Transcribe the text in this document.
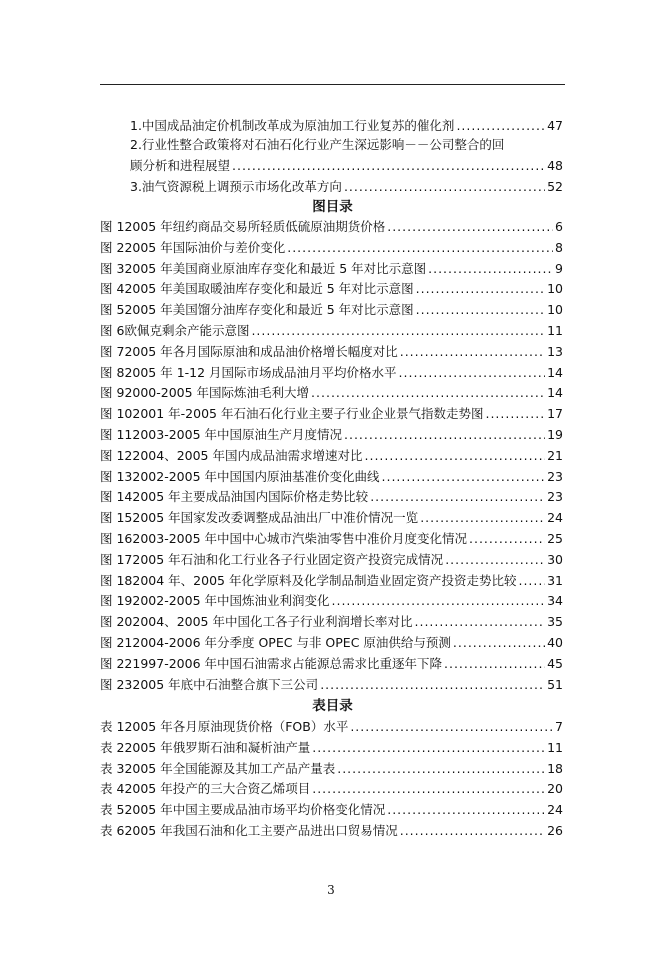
1.中国成品油定价机制改革成为原油加工行业复苏的催化剂 .....	47
2.行业性整合政策将对石油石化行业产生深远影响－－公司整合的回
顾分析和进程展望 .....	48
3.油气资源税上调预示市场化改革方向 .....	52
图目录
图 1 2005 年纽约商品交易所轻质低硫原油期货价格 .....	6
图 2 2005 年国际油价与差价变化 .....	8
图 3 2005 年美国商业原油库存变化和最近 5 年对比示意图 .....	9
图 4 2005 年美国取暖油库存变化和最近 5 年对比示意图 .....	10
图 5 2005 年美国馏分油库存变化和最近 5 年对比示意图 .....	10
图 6 欧佩克剩余产能示意图 .....	11
图 7 2005 年各月国际原油和成品油价格增长幅度对比 .....	13
图 8 2005 年 1-12 月国际市场成品油月平均价格水平 .....	14
图 9 2000-2005 年国际炼油毛利大增 .....	14
图 10 2001 年-2005 年石油石化行业主要子行业企业景气指数走势图 .....	17
图 11 2003-2005 年中国原油生产月度情况 .....	19
图 12 2004、2005 年国内成品油需求增速对比 .....	21
图 13 2002-2005 年中国国内原油基准价变化曲线 .....	23
图 14 2005 年主要成品油国内国际价格走势比较 .....	23
图 15 2005 年国家发改委调整成品油出厂中准价情况一览 .....	24
图 16 2003-2005 年中国中心城市汽柴油零售中准价月度变化情况 .....	25
图 17 2005 年石油和化工行业各子行业固定资产投资完成情况 .....	30
图 18 2004 年、2005 年化学原料及化学制品制造业固定资产投资走势比较 ..... 31
图 19 2002-2005 年中国炼油业利润变化 .....	34
图 20 2004、2005 年中国化工各子行业利润增长率对比 .....	35
图 21 2004-2006 年分季度 OPEC 与非 OPEC 原油供给与预测 .....	40
图 22 1997-2006 年中国石油需求占能源总需求比重逐年下降 .....	45
图 23 2005 年底中石油整合旗下三公司 .....	51
表目录
表 1 2005 年各月原油现货价格（FOB）水平 .....	7
表 2 2005 年俄罗斯石油和凝析油产量 .....	11
表 3 2005 年全国能源及其加工产品产量表 .....	18
表 4 2005 年投产的三大合资乙烯项目 .....	20
表 5 2005 年中国主要成品油市场平均价格变化情况 .....	24
表 6 2005 年我国石油和化工主要产品进出口贸易情况 .....	26
3
